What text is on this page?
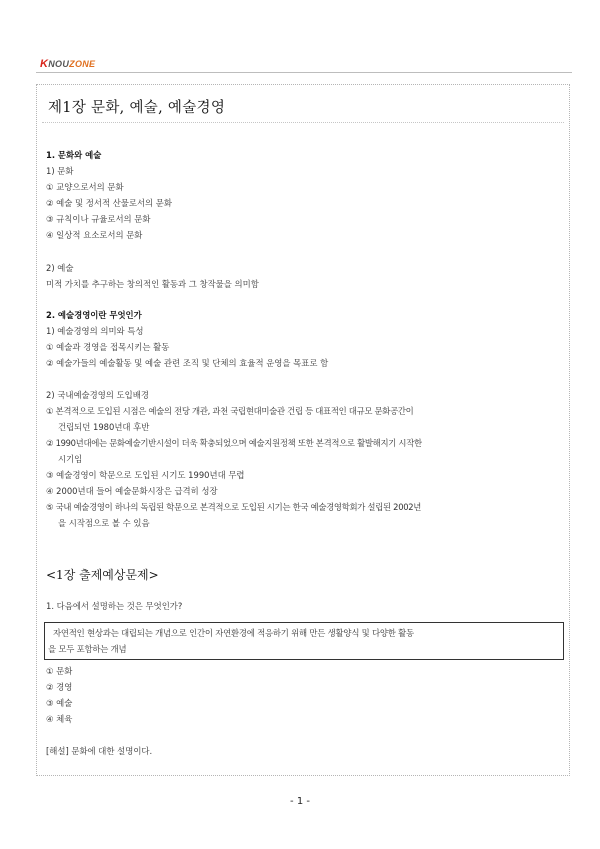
KNOUZONE
제1장 문화, 예술, 예술경영
1. 문화와 예술
1) 문화
① 교양으로서의 문화
② 예술 및 정서적 산물로서의 문화
③ 규칙이나 규율로서의 문화
④ 일상적 요소로서의 문화
2) 예술
미적 가치를 추구하는 창의적인 활동과 그 창작물을 의미함
2. 예술경영이란 무엇인가
1) 예술경영의 의미와 특성
① 예술과 경영을 접목시키는 활동
② 예술가들의 예술활동 및 예술 관련 조직 및 단체의 효율적 운영을 목표로 함
2) 국내예술경영의 도입배경
① 본격적으로 도입된 시점은 예술의 전당 개관, 과천 국립현대미술관 건립 등 대표적인 대규모 문화공간이
건립되던 1980년대 후반
② 1990년대에는 문화예술기반시설이 더욱 확충되었으며 예술지원정책 또한 본격적으로 활발해지기 시작한
시기임
③ 예술경영이 학문으로 도입된 시기도 1990년대 무렵
④ 2000년대 들어 예술문화시장은 급격히 성장
⑤ 국내 예술경영이 하나의 독립된 학문으로 본격적으로 도입된 시기는 한국 예술경영학회가 설립된 2002년
을 시작점으로 볼 수 있음
<1장 출제예상문제>
1. 다음에서 설명하는 것은 무엇인가?
자연적인 현상과는 대립되는 개념으로 인간이 자연환경에 적응하기 위해 만든 생활양식 및 다양한 활동
을 모두 포함하는 개념
① 문화
② 경영
③ 예술
④ 체육
[해설] 문화에 대한 설명이다.
- 1 -
